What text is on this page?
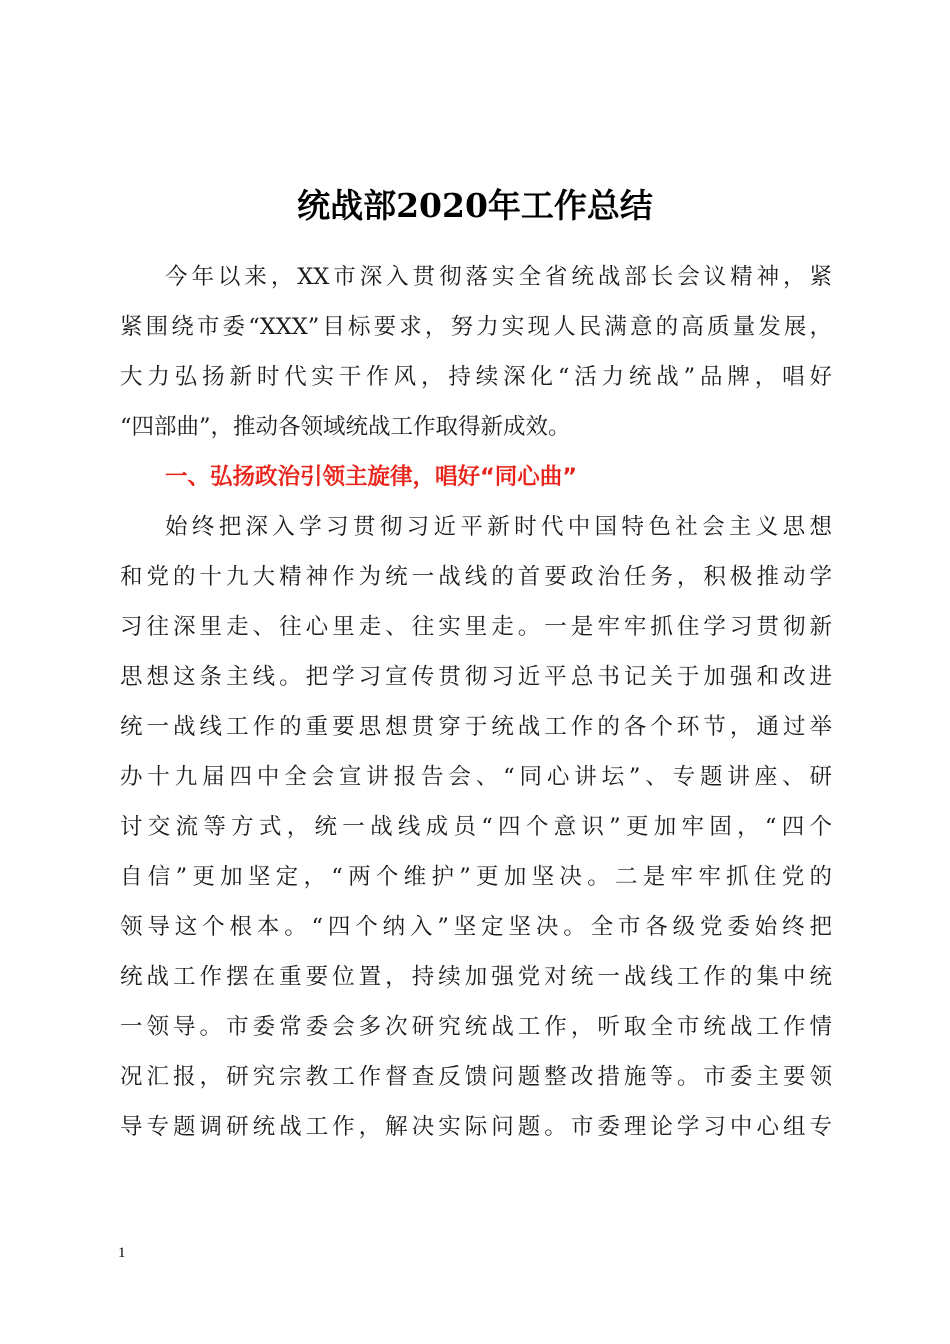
统战部2020年工作总结
今年以来，XX市深入贯彻落实全省统战部长会议精神，紧
紧围绕市委“XXX”目标要求，努力实现人民满意的高质量发展，
大力弘扬新时代实干作风，持续深化“活力统战”品牌，唱好
“四部曲”，推动各领域统战工作取得新成效。
一、弘扬政治引领主旋律，唱好“同心曲”
始终把深入学习贯彻习近平新时代中国特色社会主义思想
和党的十九大精神作为统一战线的首要政治任务，积极推动学
习往深里走、往心里走、往实里走。一是牢牢抓住学习贯彻新
思想这条主线。把学习宣传贯彻习近平总书记关于加强和改进
统一战线工作的重要思想贯穿于统战工作的各个环节，通过举
办十九届四中全会宣讲报告会、“同心讲坛”、专题讲座、研
讨交流等方式，统一战线成员“四个意识”更加牢固，“四个
自信”更加坚定，“两个维护”更加坚决。二是牢牢抓住党的
领导这个根本。“四个纳入”坚定坚决。全市各级党委始终把
统战工作摆在重要位置，持续加强党对统一战线工作的集中统
一领导。市委常委会多次研究统战工作，听取全市统战工作情
况汇报，研究宗教工作督查反馈问题整改措施等。市委主要领
导专题调研统战工作，解决实际问题。市委理论学习中心组专
1
